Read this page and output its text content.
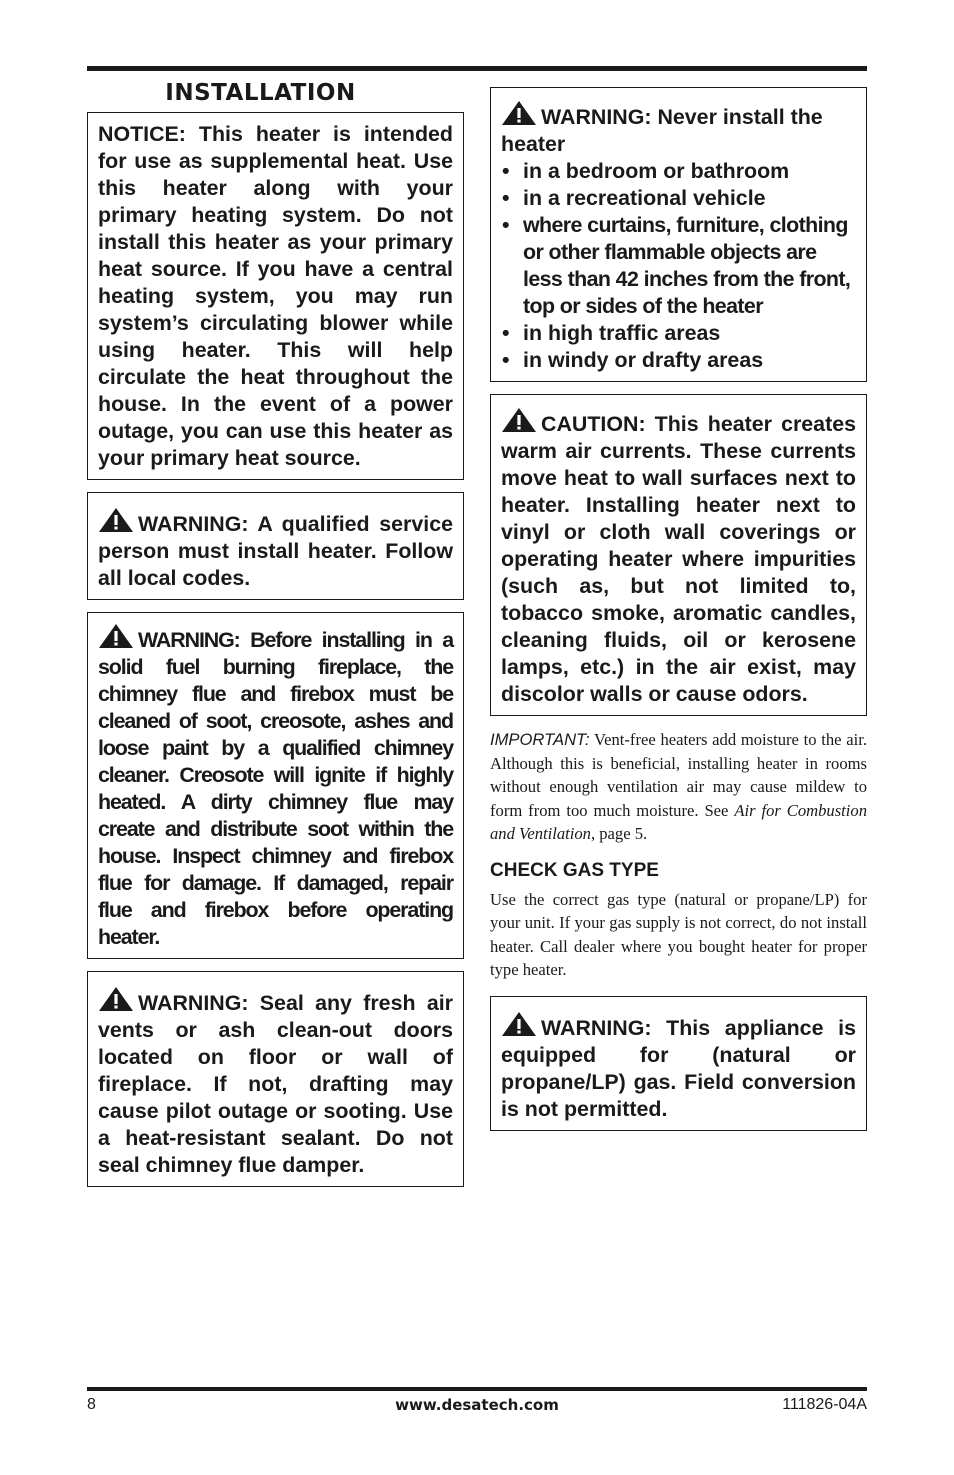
INSTALLATION

NOTICE: This heater is intended for use as supplemental heat. Use this heater along with your primary heating system. Do not install this heater as your primary heat source. If you have a central heating system, you may run system’s circulating blower while using heater. This will help circulate the heat throughout the house. In the event of a power outage, you can use this heater as your primary heat source.

WARNING: A qualified service person must install heater. Follow all local codes.

WARNING: Before installing in a solid fuel burning fireplace, the chimney flue and firebox must be cleaned of soot, creosote, ashes and loose paint by a qualified chimney cleaner. Creosote will ignite if highly heated. A dirty chimney flue may create and distribute soot within the house. Inspect chimney and firebox flue for damage. If damaged, repair flue and firebox before operating heater.

WARNING: Seal any fresh air vents or ash clean-out doors located on floor or wall of fireplace. If not, drafting may cause pilot outage or sooting. Use a heat-resistant sealant. Do not seal chimney flue damper.

WARNING: Never install the heater

• in a bedroom or bathroom
• in a recreational vehicle
• where curtains, furniture, clothing or other flammable objects are less than 42 inches from the front, top or sides of the heater
• in high traffic areas
• in windy or drafty areas

CAUTION: This heater creates warm air currents. These currents move heat to wall surfaces next to heater. Installing heater next to vinyl or cloth wall coverings or operating heater where impurities (such as, but not limited to, tobacco smoke, aromatic candles, cleaning fluids, oil or kerosene lamps, etc.) in the air exist, may discolor walls or cause odors.

IMPORTANT: Vent-free heaters add moisture to the air. Although this is beneficial, installing heater in rooms without enough ventilation air may cause mildew to form from too much moisture. See Air for Combustion and Ventilation, page 5.

CHECK GAS TYPE

Use the correct gas type (natural or propane/LP) for your unit. If your gas supply is not correct, do not install heater. Call dealer where you bought heater for proper type heater.

WARNING: This appliance is equipped for (natural or propane/LP) gas. Field conversion is not permitted.

8	www.desatech.com	111826-04A
